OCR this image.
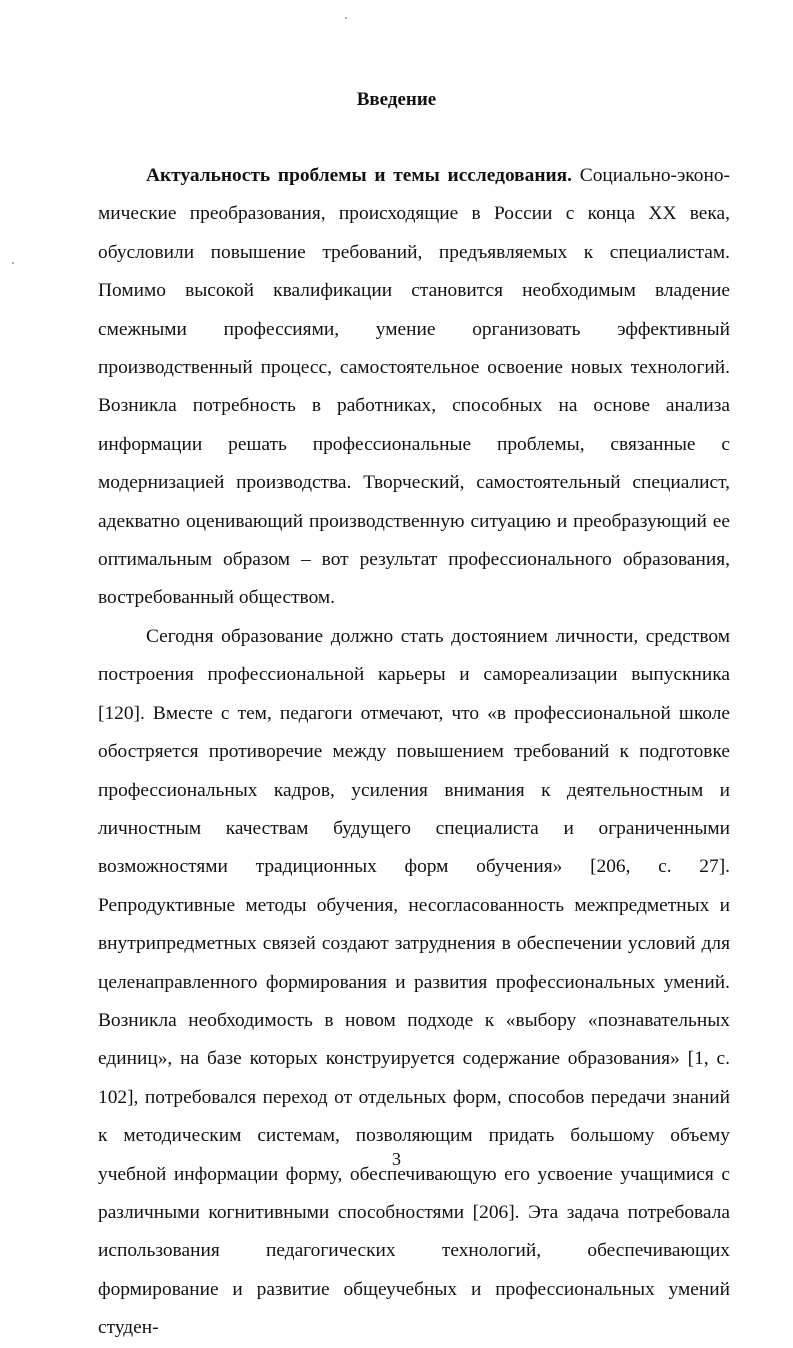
Введение

Актуальность проблемы и темы исследования. Социально-экономические преобразования, происходящие в России с конца XX века, обусловили повышение требований, предъявляемых к специалистам. Помимо высокой квалификации становится необходимым владение смежными профессиями, умение организовать эффективный производственный процесс, самостоятельное освоение новых технологий. Возникла потребность в работниках, способных на основе анализа информации решать профессиональные проблемы, связанные с модернизацией производства. Творческий, самостоятельный специалист, адекватно оценивающий производственную ситуацию и преобразующий ее оптимальным образом – вот результат профессионального образования, востребованный обществом.

Сегодня образование должно стать достоянием личности, средством построения профессиональной карьеры и самореализации выпускника [120]. Вместе с тем, педагоги отмечают, что «в профессиональной школе обостряется противоречие между повышением требований к подготовке профессиональных кадров, усиления внимания к деятельностным и личностным качествам будущего специалиста и ограниченными возможностями традиционных форм обучения» [206, с. 27]. Репродуктивные методы обучения, несогласованность межпредметных и внутрипредметных связей создают затруднения в обеспечении условий для целенаправленного формирования и развития профессиональных умений. Возникла необходимость в новом подходе к «выбору «познавательных единиц», на базе которых конструируется содержание образования» [1, с. 102], потребовался переход от отдельных форм, способов передачи знаний к методическим системам, позволяющим придать большому объему учебной информации форму, обеспечивающую его усвоение учащимися с различными когнитивными способностями [206]. Эта задача потребовала использования педагогических технологий, обеспечивающих формирование и развитие общеучебных и профессиональных умений студен-

3
